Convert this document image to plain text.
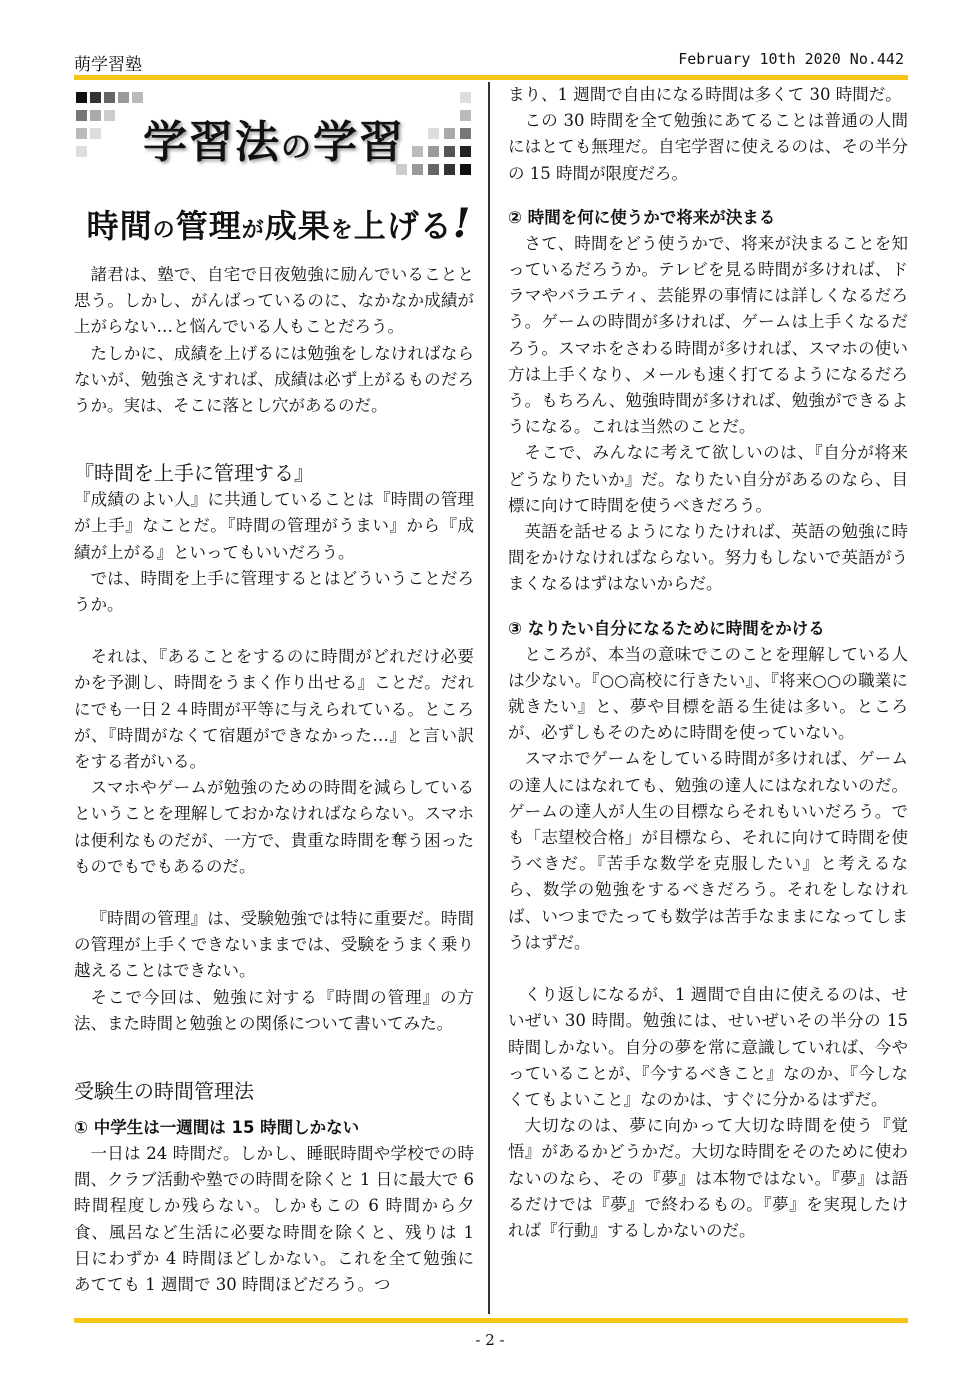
萌学習塾	February 10th 2020 No.442
学習法の学習
時間の管理が成果を上げる!

諸君は、塾で、自宅で日夜勉強に励んでいることと思う。しかし、がんばっているのに、なかなか成績が上がらない…と悩んでいる人もことだろう。

たしかに、成績を上げるには勉強をしなければならないが、勉強さえすれば、成績は必ず上がるものだろうか。実は、そこに落とし穴があるのだ。

『時間を上手に管理する』

『成績のよい人』に共通していることは『時間の管理が上手』なことだ。『時間の管理がうまい』から『成績が上がる』といってもいいだろう。

では、時間を上手に管理するとはどういうことだろうか。

それは、『あることをするのに時間がどれだけ必要かを予測し、時間をうまく作り出せる』ことだ。だれにでも一日２４時間が平等に与えられている。ところが、『時間がなくて宿題ができなかった…』と言い訳をする者がいる。

スマホやゲームが勉強のための時間を減らしているということを理解しておかなければならない。スマホは便利なものだが、一方で、貴重な時間を奪う困ったものでもでもあるのだ。

『時間の管理』は、受験勉強では特に重要だ。時間の管理が上手くできないままでは、受験をうまく乗り越えることはできない。

そこで今回は、勉強に対する『時間の管理』の方法、また時間と勉強との関係について書いてみた。

受験生の時間管理法

① 中学生は一週間は 15 時間しかない

一日は 24 時間だ。しかし、睡眠時間や学校での時間、クラブ活動や塾での時間を除くと 1 日に最大で 6 時間程度しか残らない。しかもこの 6 時間から夕食、風呂など生活に必要な時間を除くと、残りは 1 日にわずか 4 時間ほどしかない。これを全て勉強にあてても 1 週間で 30 時間ほどだろう。つ

まり、1 週間で自由になる時間は多くて 30 時間だ。

この 30 時間を全て勉強にあてることは普通の人間にはとても無理だ。自宅学習に使えるのは、その半分の 15 時間が限度だろ。

② 時間を何に使うかで将来が決まる

さて、時間をどう使うかで、将来が決まることを知っているだろうか。テレビを見る時間が多ければ、ドラマやバラエティ、芸能界の事情には詳しくなるだろう。ゲームの時間が多ければ、ゲームは上手くなるだろう。スマホをさわる時間が多ければ、スマホの使い方は上手くなり、メールも速く打てるようになるだろう。もちろん、勉強時間が多ければ、勉強ができるようになる。これは当然のことだ。

そこで、みんなに考えて欲しいのは、『自分が将来どうなりたいか』だ。なりたい自分があるのなら、目標に向けて時間を使うべきだろう。

英語を話せるようになりたければ、英語の勉強に時間をかけなければならない。努力もしないで英語がうまくなるはずはないからだ。

③ なりたい自分になるために時間をかける

ところが、本当の意味でこのことを理解している人は少ない。『○○高校に行きたい』、『将来○○の職業に就きたい』と、夢や目標を語る生徒は多い。ところが、必ずしもそのために時間を使っていない。

スマホでゲームをしている時間が多ければ、ゲームの達人にはなれても、勉強の達人にはなれないのだ。ゲームの達人が人生の目標ならそれもいいだろう。でも「志望校合格」が目標なら、それに向けて時間を使うべきだ。『苦手な数学を克服したい』と考えるなら、数学の勉強をするべきだろう。それをしなければ、いつまでたっても数学は苦手なままになってしまうはずだ。

くり返しになるが、1 週間で自由に使えるのは、せいぜい 30 時間。勉強には、せいぜいその半分の 15 時間しかない。自分の夢を常に意識していれば、今やっていることが、『今するべきこと』なのか、『今しなくてもよいこと』なのかは、すぐに分かるはずだ。

大切なのは、夢に向かって大切な時間を使う『覚悟』があるかどうかだ。大切な時間をそのために使わないのなら、その『夢』は本物ではない。『夢』は語るだけでは『夢』で終わるもの。『夢』を実現したければ『行動』するしかないのだ。

- 2 -
